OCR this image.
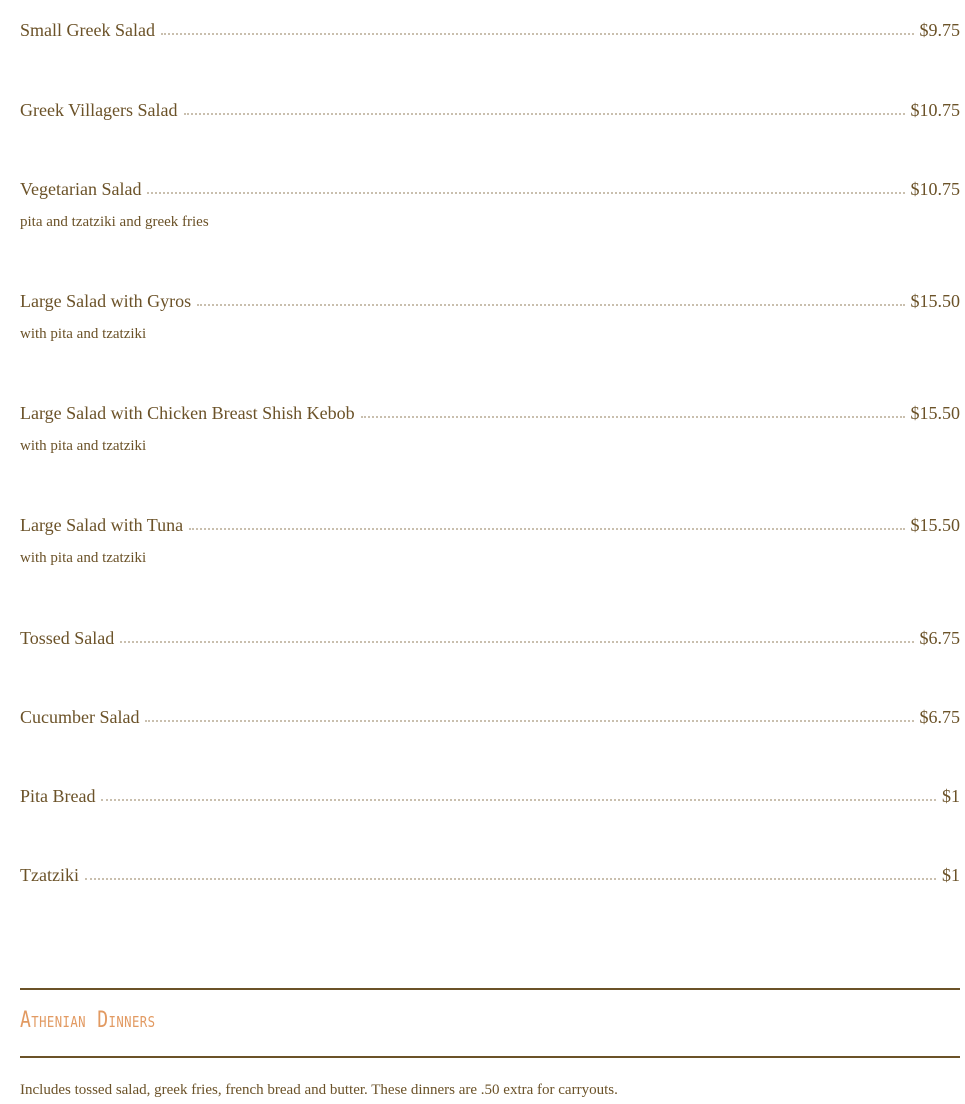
Small Greek Salad	$9.75
Greek Villagers Salad	$10.75
Vegetarian Salad	$10.75
pita and tzatziki and greek fries
Large Salad with Gyros	$15.50
with pita and tzatziki
Large Salad with Chicken Breast Shish Kebob	$15.50
with pita and tzatziki
Large Salad with Tuna	$15.50
with pita and tzatziki
Tossed Salad	$6.75
Cucumber Salad	$6.75
Pita Bread	$1
Tzatziki	$1
Athenian Dinners
Includes tossed salad, greek fries, french bread and butter. These dinners are .50 extra for carryouts.
